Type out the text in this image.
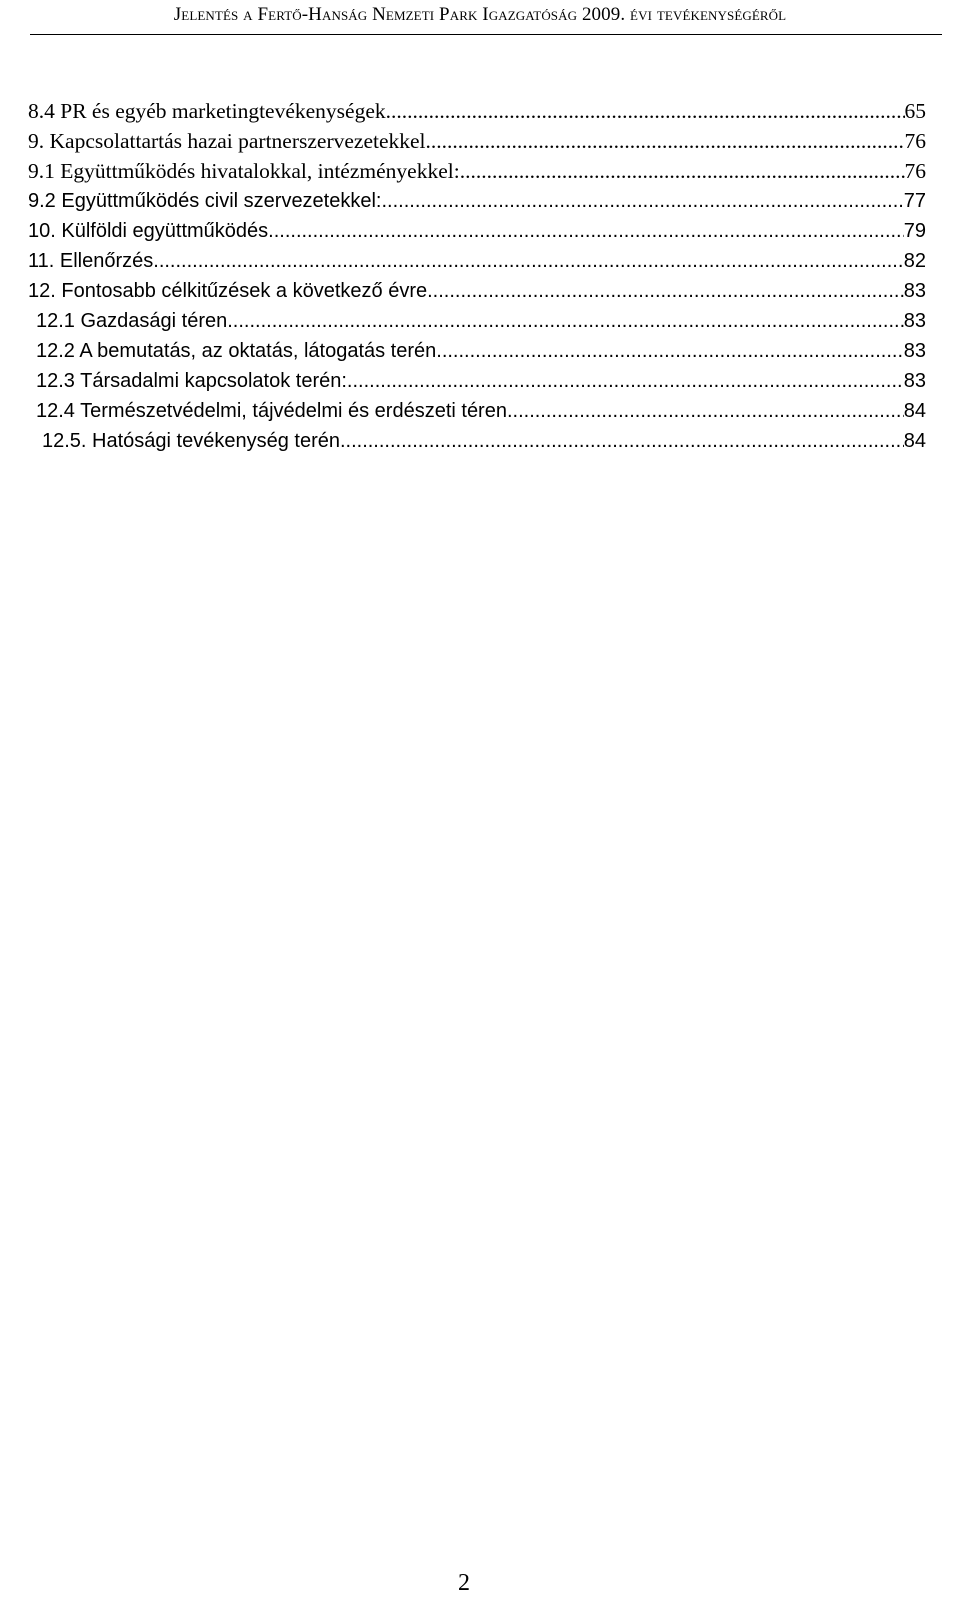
Jelentés a Fertő-Hanság Nemzeti Park Igazgatóság 2009. évi tevékenységéről
8.4 PR és egyéb marketingtevékenységek .....	65
9. Kapcsolattartás hazai partnerszervezetekkel .....	76
9.1 Együttműködés hivatalokkal, intézményekkel: .....	76
9.2 Együttműködés civil szervezetekkel: .....	77
10. Külföldi együttműködés .....	79
11. Ellenőrzés .....	82
12. Fontosabb célkitűzések a következő évre .....	83
12.1 Gazdasági téren .....	83
12.2 A bemutatás, az oktatás, látogatás terén .....	83
12.3 Társadalmi kapcsolatok terén: .....	83
12.4 Természetvédelmi, tájvédelmi és erdészeti téren .....	84
12.5. Hatósági tevékenység terén .....	84
2
